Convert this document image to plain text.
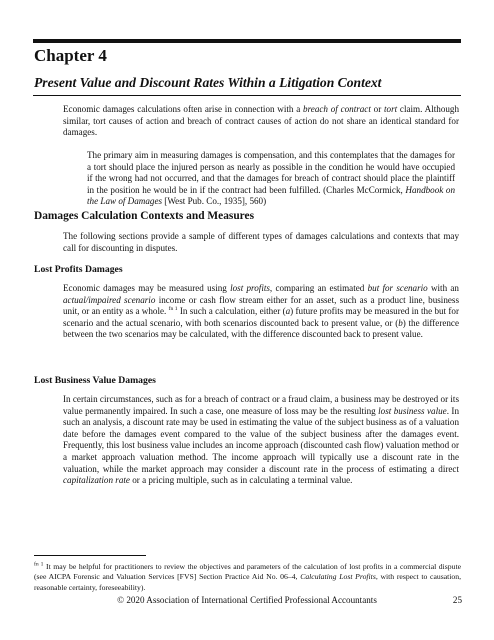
Chapter 4
Present Value and Discount Rates Within a Litigation Context
Economic damages calculations often arise in connection with a breach of contract or tort claim. Although similar, tort causes of action and breach of contract causes of action do not share an identical standard for damages.
The primary aim in measuring damages is compensation, and this contemplates that the damages for a tort should place the injured person as nearly as possible in the condition he would have occupied if the wrong had not occurred, and that the damages for breach of contract should place the plaintiff in the position he would be in if the contract had been fulfilled. (Charles McCormick, Handbook on the Law of Damages [West Pub. Co., 1935], 560)
Damages Calculation Contexts and Measures
The following sections provide a sample of different types of damages calculations and contexts that may call for discounting in disputes.
Lost Profits Damages
Economic damages may be measured using lost profits, comparing an estimated but for scenario with an actual/impaired scenario income or cash flow stream either for an asset, such as a product line, business unit, or an entity as a whole. $^{fn 1}$ In such a calculation, either (a) future profits may be measured in the but for scenario and the actual scenario, with both scenarios discounted back to present value, or (b) the difference between the two scenarios may be calculated, with the difference discounted back to present value.
Lost Business Value Damages
In certain circumstances, such as for a breach of contract or a fraud claim, a business may be destroyed or its value permanently impaired. In such a case, one measure of loss may be the resulting lost business value. In such an analysis, a discount rate may be used in estimating the value of the subject business as of a valuation date before the damages event compared to the value of the subject business after the damages event. Frequently, this lost business value includes an income approach (discounted cash flow) valuation method or a market approach valuation method. The income approach will typically use a discount rate in the valuation, while the market approach may consider a discount rate in the process of estimating a direct capitalization rate or a pricing multiple, such as in calculating a terminal value.
$^{fn 1}$ It may be helpful for practitioners to review the objectives and parameters of the calculation of lost profits in a commercial dispute (see AICPA Forensic and Valuation Services [FVS] Section Practice Aid No. 06–4, Calculating Lost Profits, with respect to causation, reasonable certainty, foreseeability).
© 2020 Association of International Certified Professional Accountants	25
